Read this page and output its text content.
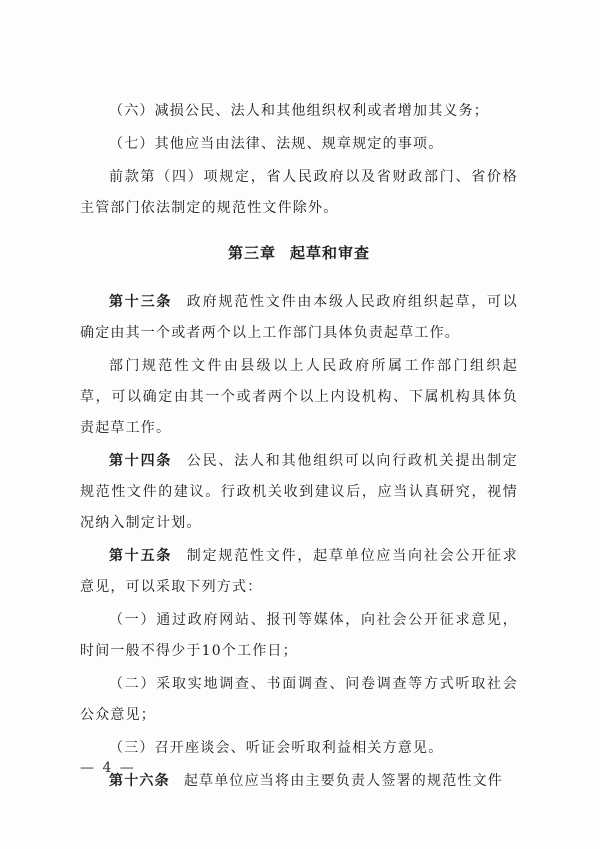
（六）减损公民、法人和其他组织权利或者增加其义务；

（七）其他应当由法律、法规、规章规定的事项。

前款第（四）项规定，省人民政府以及省财政部门、省价格主管部门依法制定的规范性文件除外。

第三章 起草和审查

第十三条 政府规范性文件由本级人民政府组织起草，可以确定由其一个或者两个以上工作部门具体负责起草工作。

部门规范性文件由县级以上人民政府所属工作部门组织起草，可以确定由其一个或者两个以上内设机构、下属机构具体负责起草工作。

第十四条 公民、法人和其他组织可以向行政机关提出制定规范性文件的建议。行政机关收到建议后，应当认真研究，视情况纳入制定计划。

第十五条 制定规范性文件，起草单位应当向社会公开征求意见，可以采取下列方式：

（一）通过政府网站、报刊等媒体，向社会公开征求意见，时间一般不得少于10个工作日；

（二）采取实地调查、书面调查、问卷调查等方式听取社会公众意见；

（三）召开座谈会、听证会听取利益相关方意见。

第十六条 起草单位应当将由主要负责人签署的规范性文件

— 4 —
